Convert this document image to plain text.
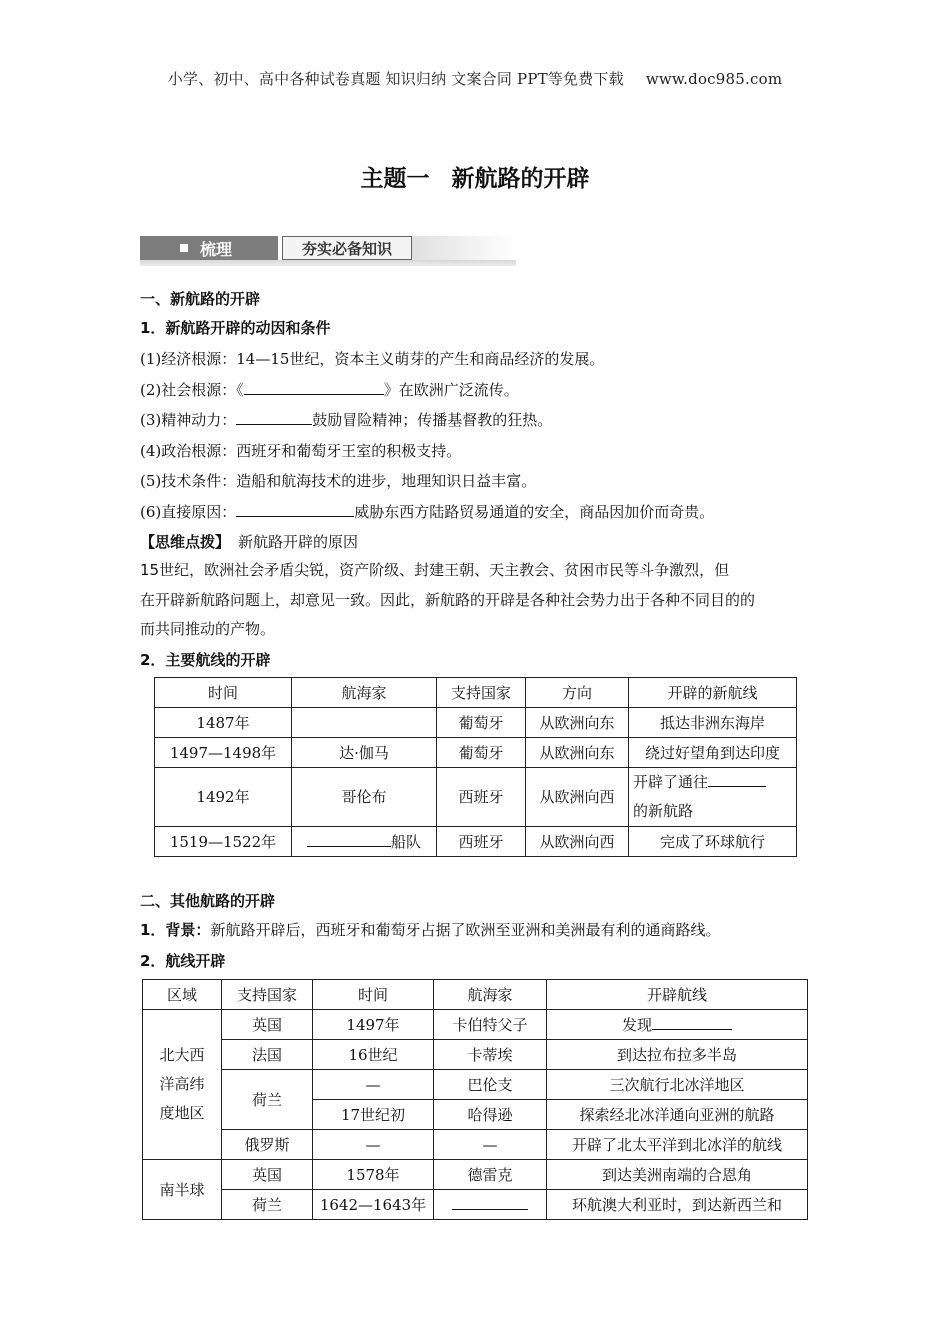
小学、初中、高中各种试卷真题 知识归纳 文案合同 PPT等免费下载 www.doc985.com
主题一 新航路的开辟
梳理	夯实必备知识
一、新航路的开辟
1．新航路开辟的动因和条件
(1)经济根源：14—15世纪，资本主义萌芽的产生和商品经济的发展。
(2)社会根源：《	》在欧洲广泛流传。
(3)精神动力：	鼓励冒险精神；传播基督教的狂热。
(4)政治根源：西班牙和葡萄牙王室的积极支持。
(5)技术条件：造船和航海技术的进步，地理知识日益丰富。
(6)直接原因：	威胁东西方陆路贸易通道的安全，商品因加价而奇贵。
【思维点拨】 新航路开辟的原因
15世纪，欧洲社会矛盾尖锐，资产阶级、封建王朝、天主教会、贫困市民等斗争激烈，但
在开辟新航路问题上，却意见一致。因此，新航路的开辟是各种社会势力出于各种不同目的的
而共同推动的产物。
2．主要航线的开辟
时间	航海家	支持国家	方向	开辟的新航线
1487年		葡萄牙	从欧洲向东	抵达非洲东海岸
1497—1498年	达·伽马	葡萄牙	从欧洲向东	绕过好望角到达印度
1492年	哥伦布	西班牙	从欧洲向西	开辟了通往
的新航路

1519—1522年	船队	西班牙	从欧洲向西	完成了环球航行
二、其他航路的开辟
1．背景：新航路开辟后，西班牙和葡萄牙占据了欧洲至亚洲和美洲最有利的通商路线。
2．航线开辟
区域	支持国家	时间	航海家	开辟航线
北大西洋高纬度地区	英国	1497年	卡伯特父子	发现
	法国	16世纪	卡蒂埃	到达拉布拉多半岛
	荷兰	—	巴伦支	三次航行北冰洋地区
		17世纪初	哈得逊	探索经北冰洋通向亚洲的航路
	俄罗斯	—	—	开辟了北太平洋到北冰洋的航线
南半球	英国	1578年	德雷克	到达美洲南端的合恩角
	荷兰	1642—1643年		环航澳大利亚时，到达新西兰和
